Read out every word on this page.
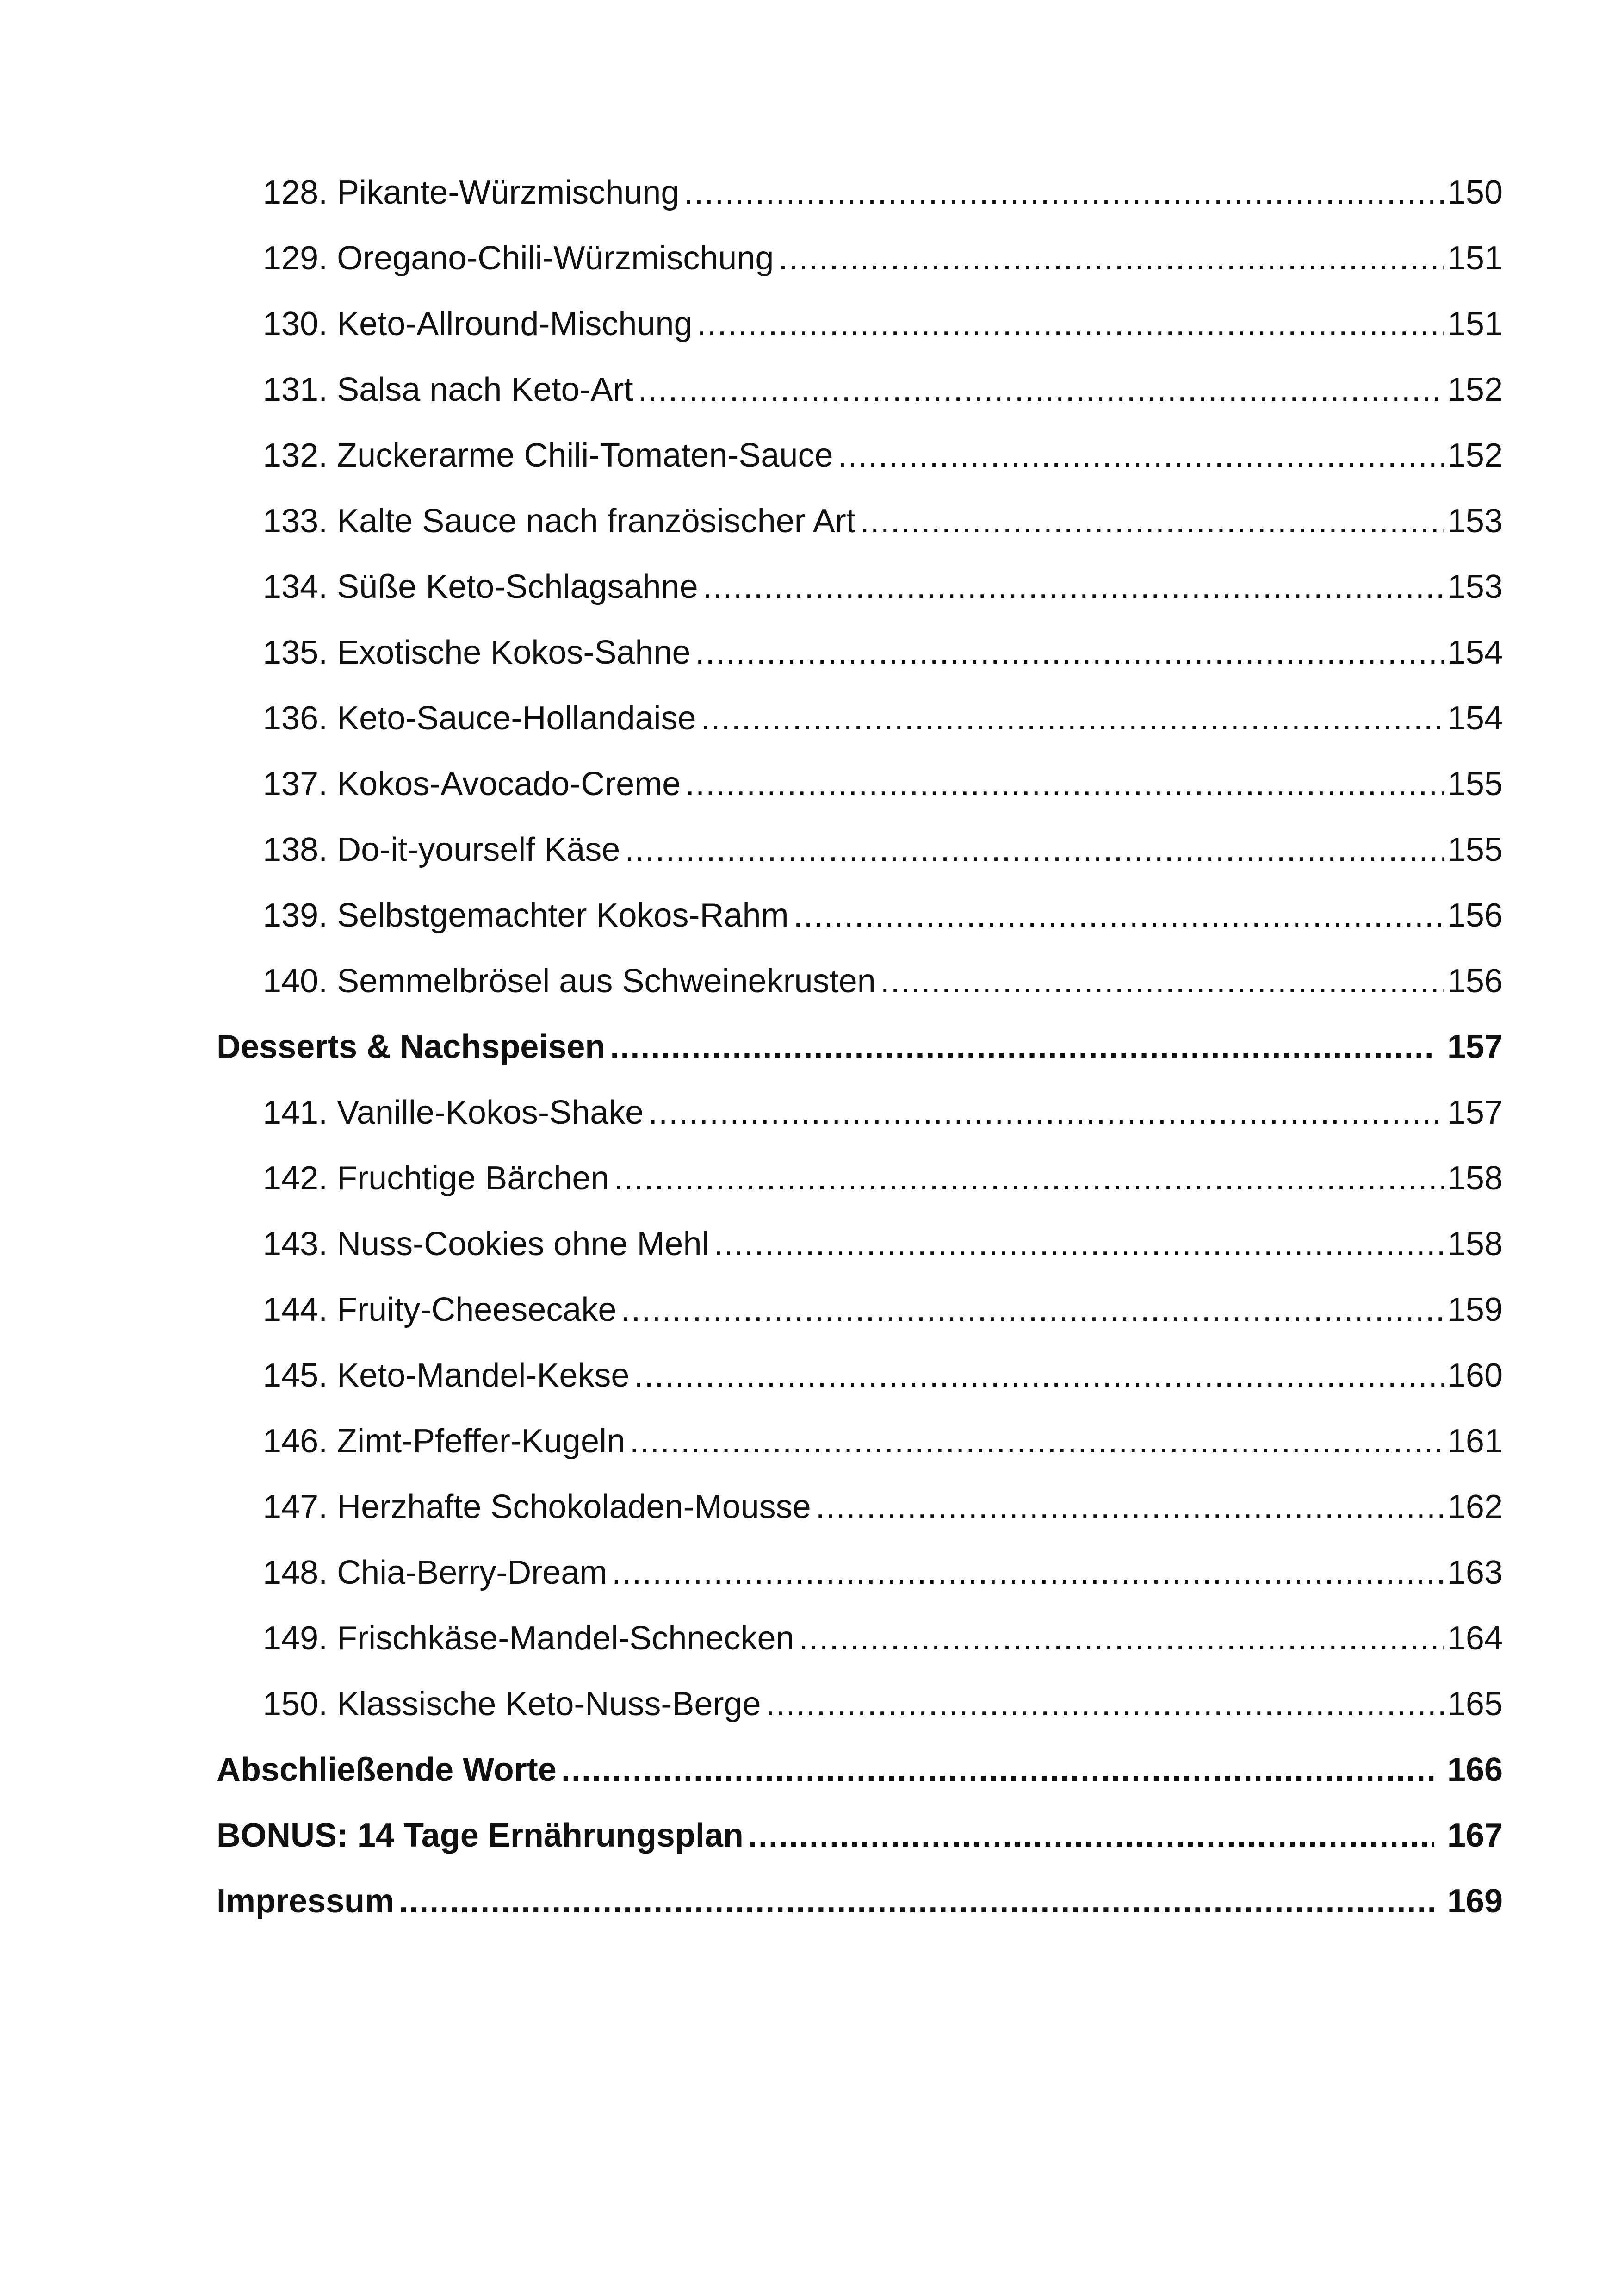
128. Pikante-Würzmischung .....	150
129. Oregano-Chili-Würzmischung .....	151
130. Keto-Allround-Mischung .....	151
131. Salsa nach Keto-Art .....	152
132. Zuckerarme Chili-Tomaten-Sauce .....	152
133. Kalte Sauce nach französischer Art .....	153
134. Süße Keto-Schlagsahne .....	153
135. Exotische Kokos-Sahne .....	154
136. Keto-Sauce-Hollandaise .....	154
137. Kokos-Avocado-Creme .....	155
138. Do-it-yourself Käse .....	155
139. Selbstgemachter Kokos-Rahm .....	156
140. Semmelbrösel aus Schweinekrusten .....	156
Desserts & Nachspeisen .....	157
141. Vanille-Kokos-Shake .....	157
142. Fruchtige Bärchen .....	158
143. Nuss-Cookies ohne Mehl .....	158
144. Fruity-Cheesecake .....	159
145. Keto-Mandel-Kekse .....	160
146. Zimt-Pfeffer-Kugeln .....	161
147. Herzhafte Schokoladen-Mousse .....	162
148. Chia-Berry-Dream .....	163
149. Frischkäse-Mandel-Schnecken .....	164
150. Klassische Keto-Nuss-Berge .....	165
Abschließende Worte .....	166
BONUS: 14 Tage Ernährungsplan .....	167
Impressum .....	169
